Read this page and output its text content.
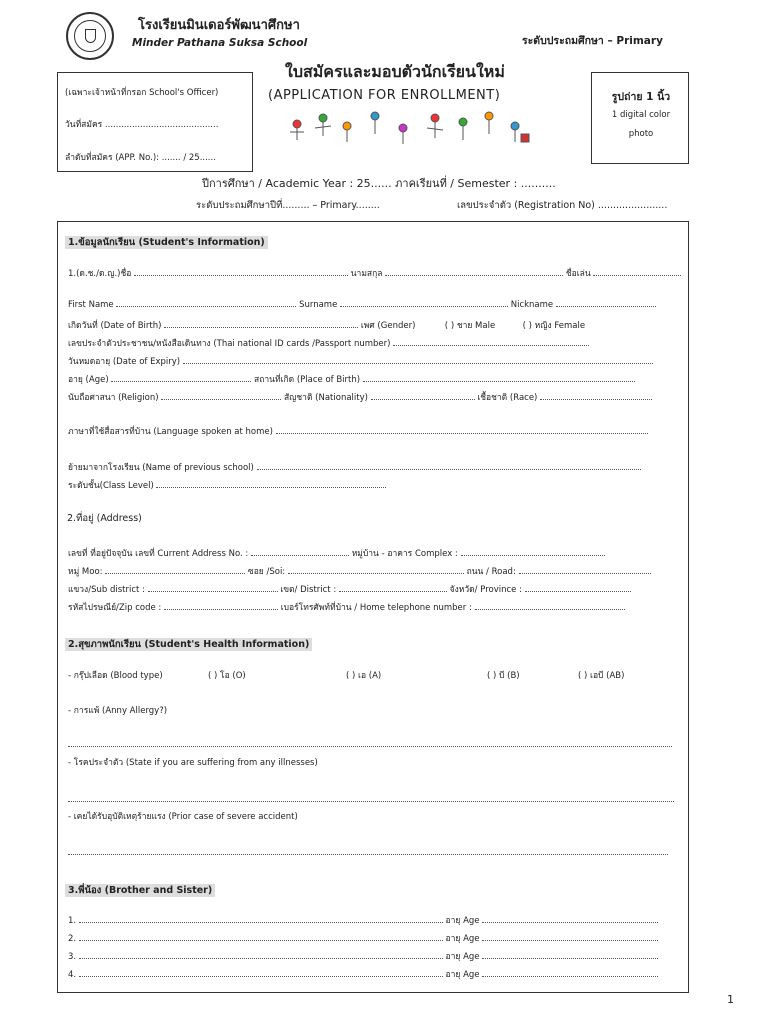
โรงเรียนมินเดอร์พัฒนาศึกษา
Minder Pathana Suksa School	ระดับประถมศึกษา – Primary
ใบสมัครและมอบตัวนักเรียนใหม่
(APPLICATION FOR ENROLLMENT)
(เฉพาะเจ้าหน้าที่กรอก School's Officer)
วันที่สมัคร ..........................................
ลำดับที่สมัคร (APP. No.): ....... / 25......
รูปถ่าย 1 นิ้ว
1 digital color
photo
ปีการศึกษา / Academic Year : 25...... ภาคเรียนที่ / Semester : ..........
ระดับประถมศึกษาปีที่......... – Primary........	เลขประจำตัว (Registration No) .......................
1.ข้อมูลนักเรียน (Student's Information)
1.(ด.ช./ด.ญ.)ชื่อ	นามสกุล	ชื่อเล่น
First Name	Surname	Nickname
เกิดวันที่ (Date of Birth)	เพศ (Gender)	( ) ชาย Male	( ) หญิง Female
เลขประจำตัวประชาชน/หนังสือเดินทาง (Thai national ID cards /Passport number)
วันหมดอายุ (Date of Expiry)
อายุ (Age)	สถานที่เกิด (Place of Birth)
นับถือศาสนา (Religion)	สัญชาติ (Nationality)	เชื้อชาติ (Race)
ภาษาที่ใช้สื่อสารที่บ้าน (Language spoken at home)
ย้ายมาจากโรงเรียน (Name of previous school)
ระดับชั้น(Class Level)
2.ที่อยู่ (Address)
เลขที่ ที่อยู่ปัจจุบัน เลขที่ Current Address No. :	หมู่บ้าน - อาคาร Complex :
หมู่ Moo:	ซอย /Soi:	ถนน / Road:
แขวง/Sub district :	เขต/ District :	จังหวัด/ Province :
รหัสไปรษณีย์/Zip code :	เบอร์โทรศัพท์ที่บ้าน / Home telephone number :
2.สุขภาพนักเรียน (Student's Health Information)
- กรุ๊ปเลือด (Blood type)	( ) โอ (O)	( ) เอ (A)	( ) บี (B)	( ) เอบี (AB)
- การแพ้ (Anny Allergy?)
- โรคประจำตัว (State if you are suffering from any illnesses)
- เคยได้รับอุบัติเหตุร้ายแรง (Prior case of severe accident)
3.พี่น้อง (Brother and Sister)
1.	อายุ Age
2.	อายุ Age
3.	อายุ Age
4.	อายุ Age
1
